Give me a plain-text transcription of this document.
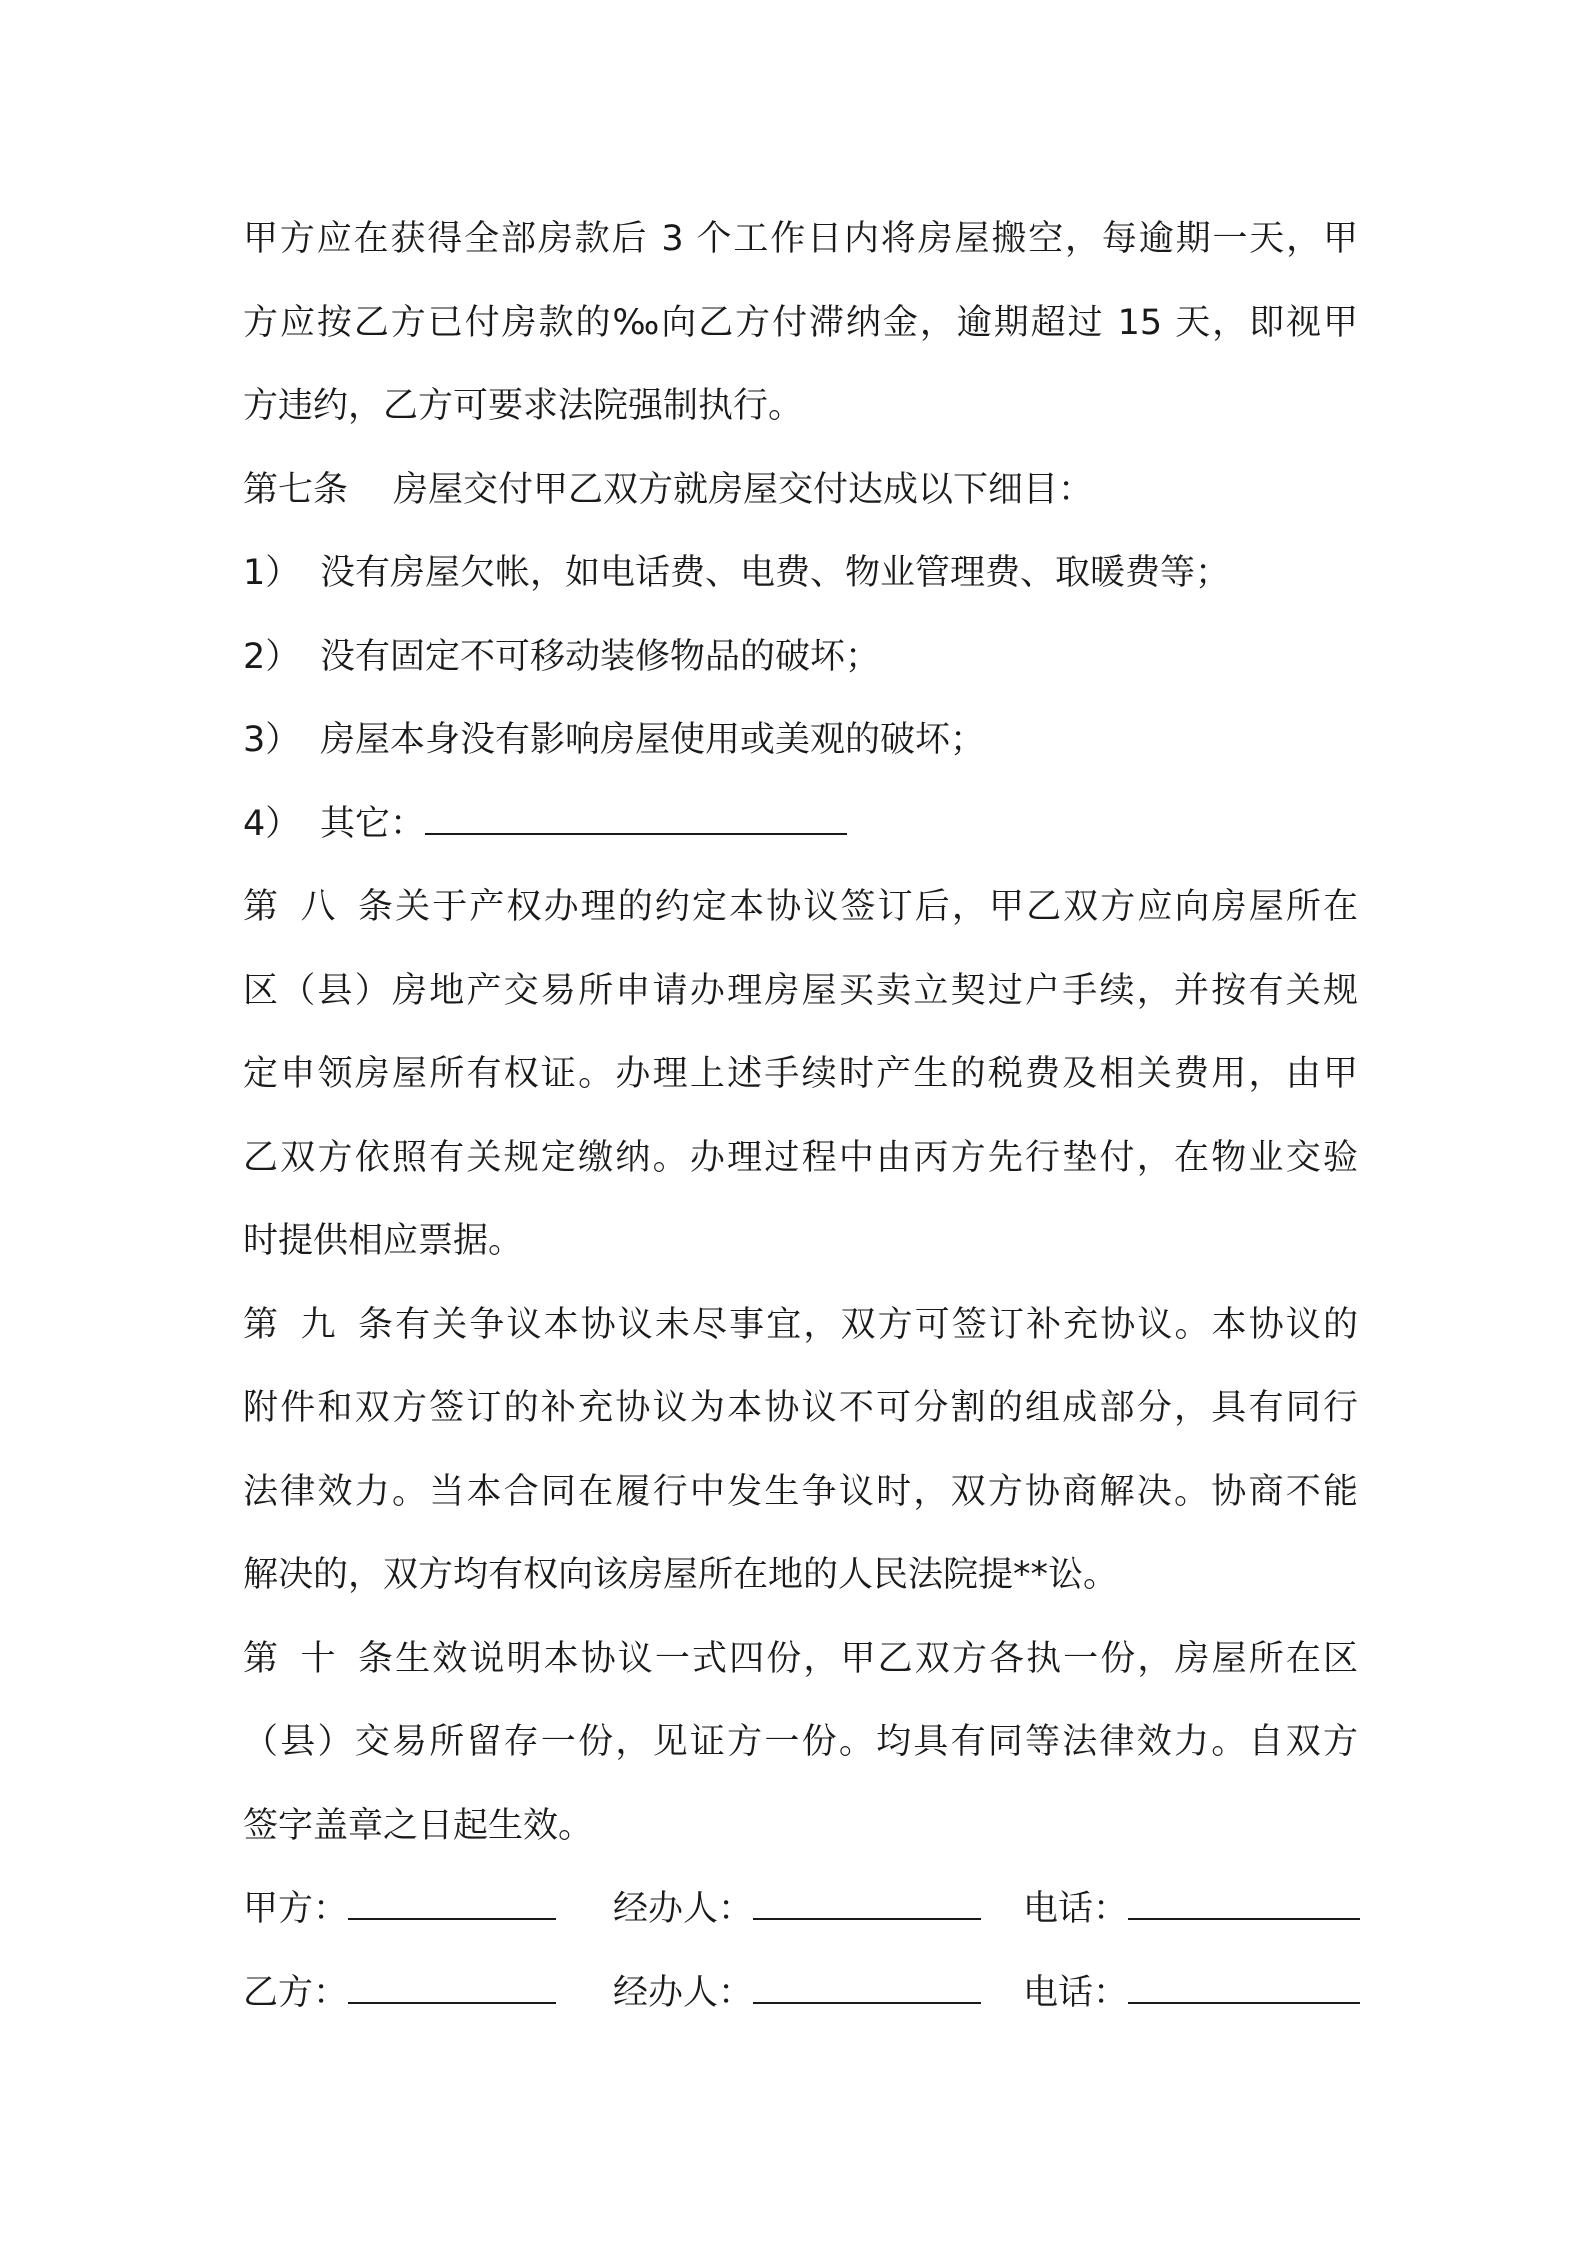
甲方应在获得全部房款后 3 个工作日内将房屋搬空，每逾期一天，甲
方应按乙方已付房款的‰向乙方付滞纳金，逾期超过 15 天，即视甲
方违约，乙方可要求法院强制执行。
第七条 房屋交付甲乙双方就房屋交付达成以下细目：
1） 没有房屋欠帐，如电话费、电费、物业管理费、取暖费等；
2） 没有固定不可移动装修物品的破坏；
3） 房屋本身没有影响房屋使用或美观的破坏；
4） 其它：
第八条关于产权办理的约定本协议签订后，甲乙双方应向房屋所在
区（县）房地产交易所申请办理房屋买卖立契过户手续，并按有关规
定申领房屋所有权证。办理上述手续时产生的税费及相关费用，由甲
乙双方依照有关规定缴纳。办理过程中由丙方先行垫付，在物业交验
时提供相应票据。
第九条有关争议本协议未尽事宜，双方可签订补充协议。本协议的
附件和双方签订的补充协议为本协议不可分割的组成部分，具有同行
法律效力。当本合同在履行中发生争议时，双方协商解决。协商不能
解决的，双方均有权向该房屋所在地的人民法院提**讼。
第十条生效说明本协议一式四份，甲乙双方各执一份，房屋所在区
（县）交易所留存一份，见证方一份。均具有同等法律效力。自双方
签字盖章之日起生效。
甲方：	经办人：	电话：
乙方：	经办人：	电话：
